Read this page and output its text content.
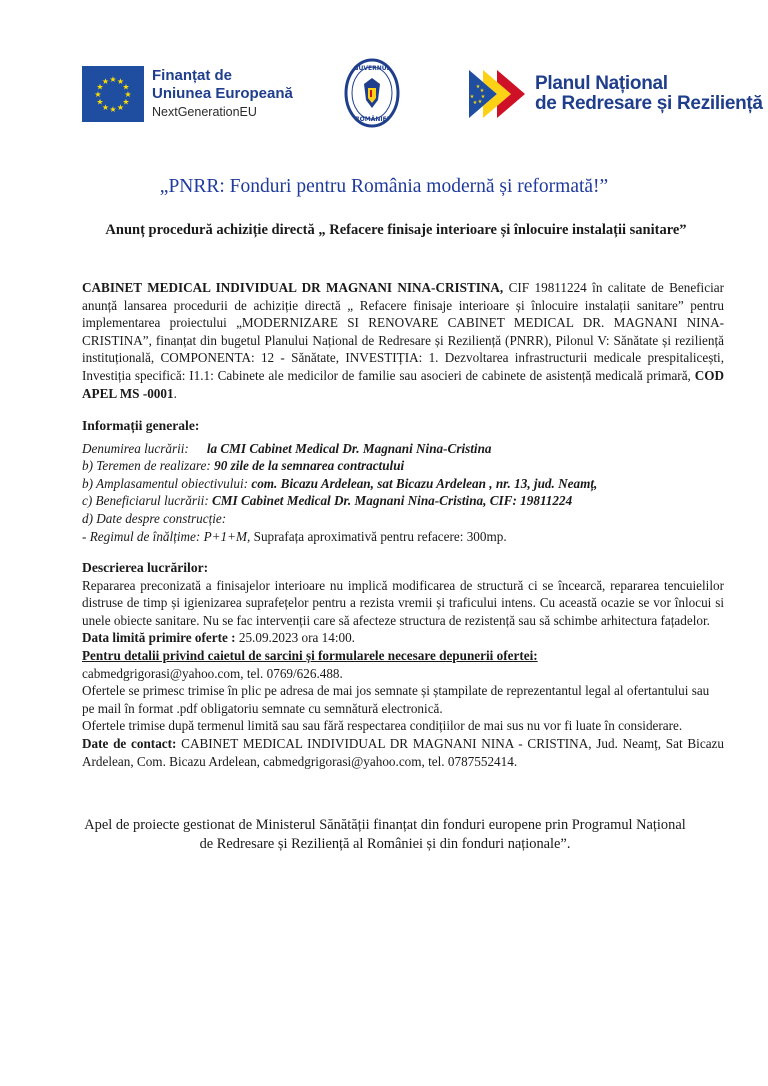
★ ★
★
★
★
★
★
★
★
★
★
★	Finanțat de
Uniunea Europeană
NextGenerationEU
GUVERNUL
ROMÂNIEI
★
★
★
★
★
★
Planul Național
de Redresare și Reziliență
„PNRR: Fonduri pentru România modernă și reformată!”
Anunț procedură achiziție directă „ Refacere finisaje interioare și înlocuire instalații sanitare”
CABINET MEDICAL INDIVIDUAL DR MAGNANI NINA-CRISTINA, CIF 19811224 în calitate de Beneficiar anunță lansarea procedurii de achiziție directă „ Refacere finisaje interioare și înlocuire instalații sanitare” pentru implementarea proiectului „MODERNIZARE SI RENOVARE CABINET MEDICAL DR. MAGNANI NINA-CRISTINA”, finanțat din bugetul Planului Național de Redresare și Reziliență (PNRR), Pilonul V: Sănătate și reziliență instituțională, COMPONENTA: 12 - Sănătate, INVESTIȚIA: 1. Dezvoltarea infrastructurii medicale prespitalicești, Investiția specifică: I1.1: Cabinete ale medicilor de familie sau asocieri de cabinete de asistență medicală primară, COD APEL MS -0001.
Informații generale:
Denumirea lucrării: la CMI Cabinet Medical Dr. Magnani Nina-Cristina
b) Teremen de realizare: 90 zile de la semnarea contractului
b) Amplasamentul obiectivului: com. Bicazu Ardelean, sat Bicazu Ardelean , nr. 13, jud. Neamț,
c) Beneficiarul lucrării: CMI Cabinet Medical Dr. Magnani Nina-Cristina, CIF: 19811224
d) Date despre construcție:
- Regimul de înălțime: P+1+M, Suprafața aproximativă pentru refacere: 300mp.
Descrierea lucrărilor:
Repararea preconizată a finisajelor interioare nu implică modificarea de structură ci se încearcă, repararea tencuielilor distruse de timp și igienizarea suprafețelor pentru a rezista vremii și traficului intens. Cu această ocazie se vor înlocui si unele obiecte sanitare. Nu se fac intervenții care să afecteze structura de rezistență sau să schimbe arhitectura fațadelor.
Data limită primire oferte : 25.09.2023 ora 14:00.
Pentru detalii privind caietul de sarcini și formularele necesare depunerii ofertei:
cabmedgrigorasi@yahoo.com, tel. 0769/626.488.
Ofertele se primesc trimise în plic pe adresa de mai jos semnate și ștampilate de reprezentantul legal al ofertantului sau pe mail în format .pdf obligatoriu semnate cu semnătură electronică.
Ofertele trimise după termenul limită sau sau fără respectarea condițiilor de mai sus nu vor fi luate în considerare.
Date de contact: CABINET MEDICAL INDIVIDUAL DR MAGNANI NINA - CRISTINA, Jud. Neamț, Sat Bicazu Ardelean, Com. Bicazu Ardelean, cabmedgrigorasi@yahoo.com, tel. 0787552414.
Apel de proiecte gestionat de Ministerul Sănătății finanțat din fonduri europene prin Programul Național de Redresare și Reziliență al României și din fonduri naționale”.
